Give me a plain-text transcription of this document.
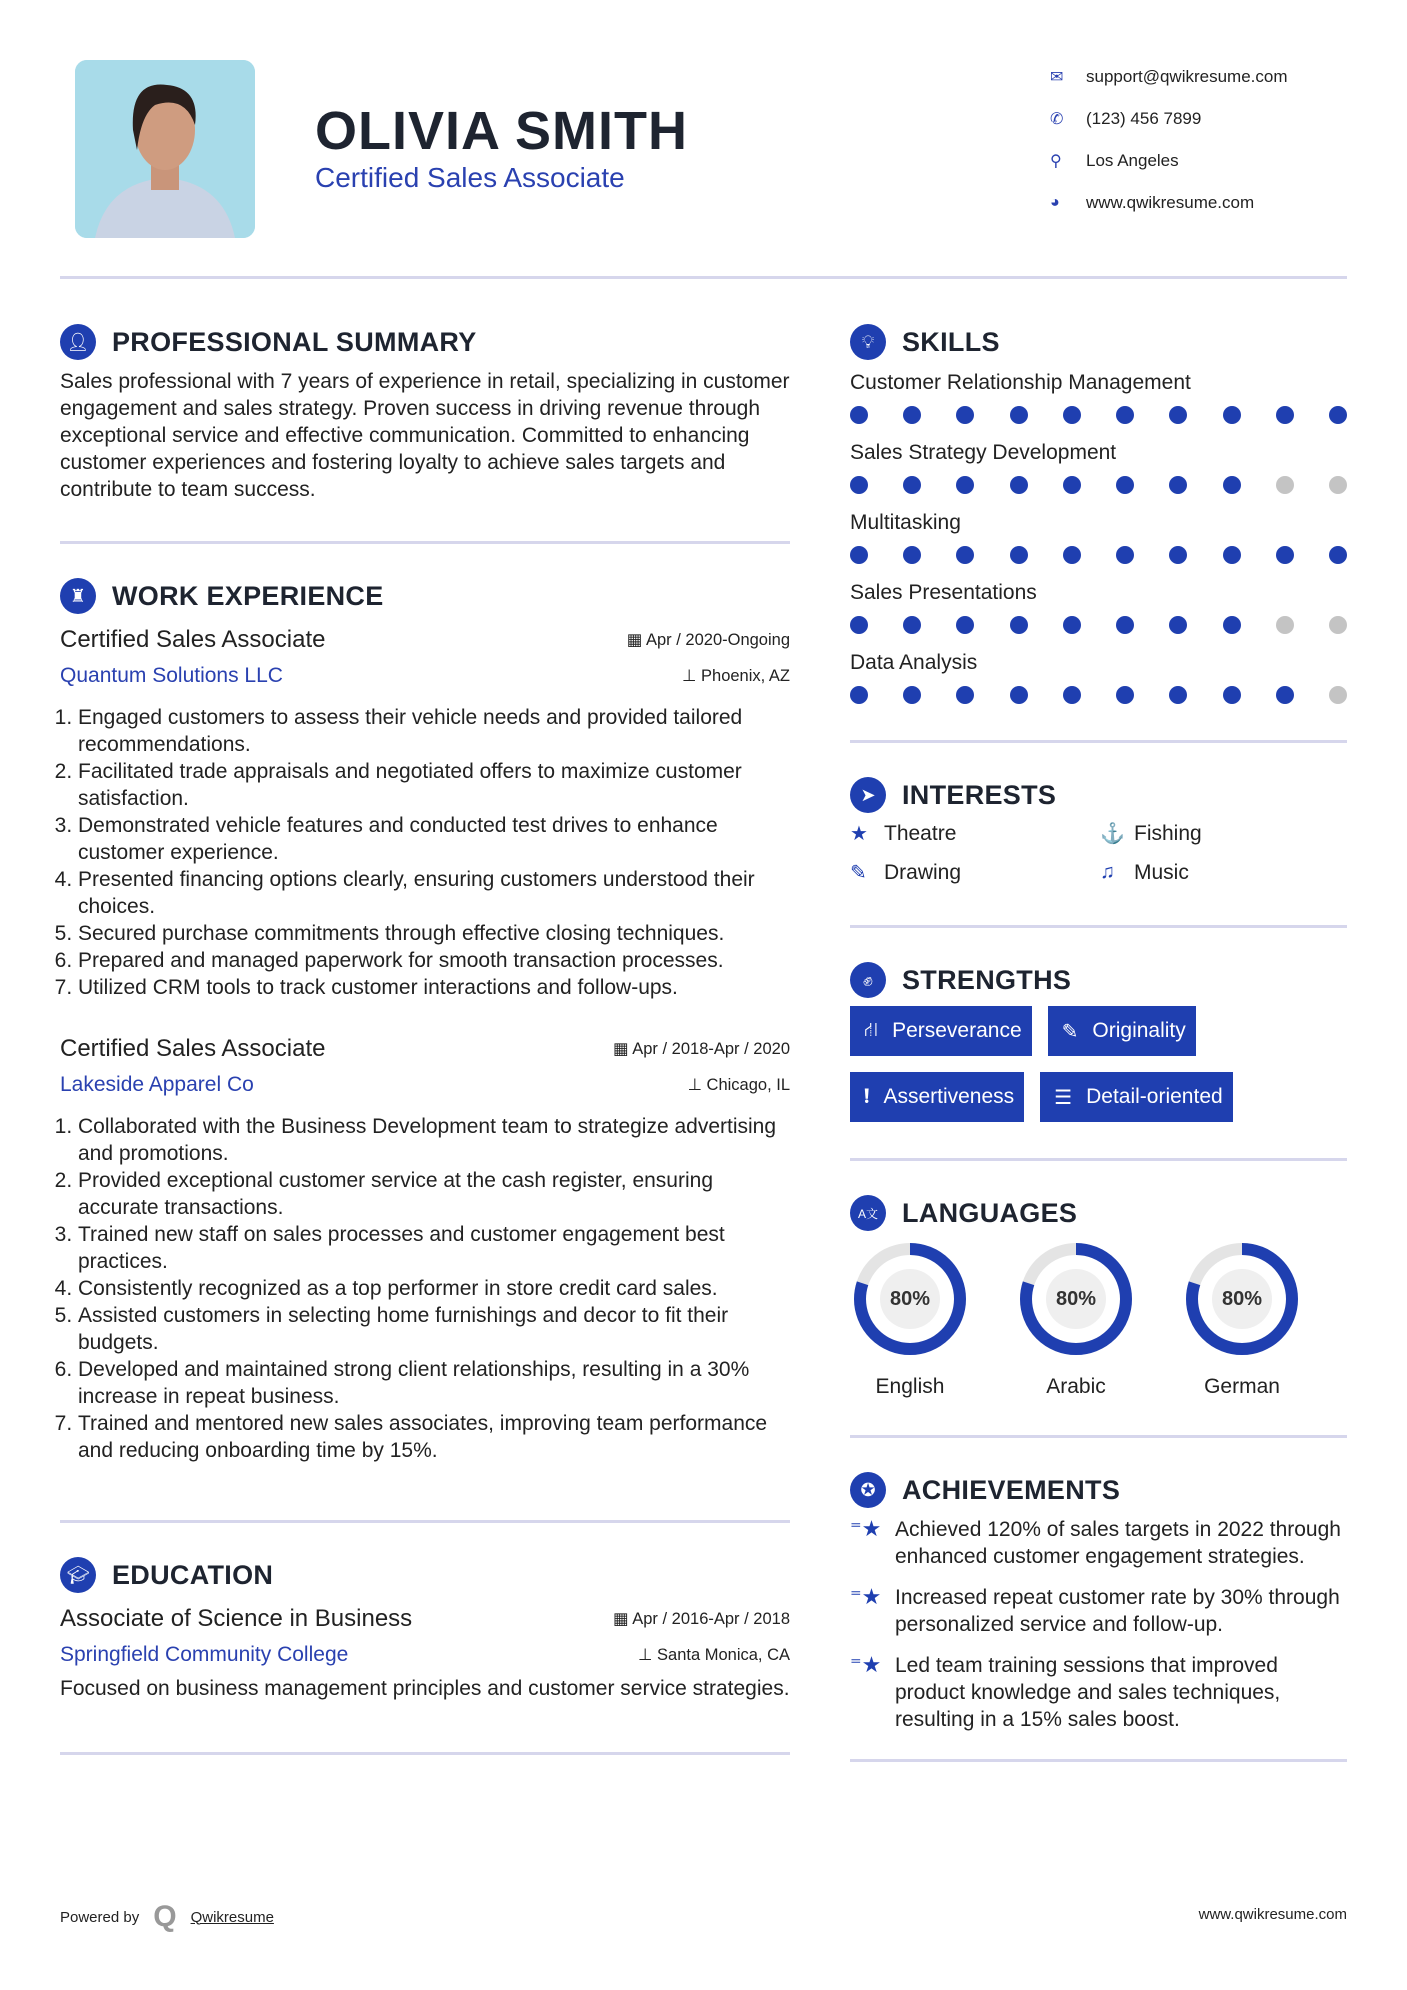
OLIVIA SMITH
Certified Sales Associate
✉	support@qwikresume.com
✆	(123) 456 7899
⚲	Los Angeles
◕	www.qwikresume.com
👤︎ PROFESSIONAL SUMMARY

Sales professional with 7 years of experience in retail, specializing in customer engagement and sales strategy. Proven success in driving revenue through exceptional service and effective communication. Committed to enhancing customer experiences and fostering loyalty to achieve sales targets and contribute to team success.

♜ WORK EXPERIENCE
Certified Sales Associate	▦ Apr / 2020-Ongoing
Quantum Solutions LLC	⊥ Phoenix, AZ
1. Engaged customers to assess their vehicle needs and provided tailored recommendations.
2. Facilitated trade appraisals and negotiated offers to maximize customer satisfaction.
3. Demonstrated vehicle features and conducted test drives to enhance customer experience.
4. Presented financing options clearly, ensuring customers understood their choices.
5. Secured purchase commitments through effective closing techniques.
6. Prepared and managed paperwork for smooth transaction processes.
7. Utilized CRM tools to track customer interactions and follow-ups.
Certified Sales Associate	▦ Apr / 2018-Apr / 2020
Lakeside Apparel Co	⊥ Chicago, IL
1. Collaborated with the Business Development team to strategize advertising and promotions.
2. Provided exceptional customer service at the cash register, ensuring accurate transactions.
3. Trained new staff on sales processes and customer engagement best practices.
4. Consistently recognized as a top performer in store credit card sales.
5. Assisted customers in selecting home furnishings and decor to fit their budgets.
6. Developed and maintained strong client relationships, resulting in a 30% increase in repeat business.
7. Trained and mentored new sales associates, improving team performance and reducing onboarding time by 15%.
🎓︎ EDUCATION
Associate of Science in Business	▦ Apr / 2016-Apr / 2018
Springfield Community College	⊥ Santa Monica, CA

Focused on business management principles and customer service strategies.

💡︎	SKILLS
Customer Relationship Management
Sales Strategy Development
Multitasking
Sales Presentations
Data Analysis
➤ INTERESTS
★ Theatre	⚓ Fishing
✎ Drawing	♫ Music
✊︎	STRENGTHS
⛙ Perseverance ✎ Originality
❗︎ Assertiveness ☰ Detail-oriented
A文 LANGUAGES
80%
English
80%
Arabic
80%
German
✪ ACHIEVEMENTS
⁼★ Achieved 120% of sales targets in 2022 through enhanced customer engagement strategies.
⁼★ Increased repeat customer rate by 30% through personalized service and follow-up.
⁼★ Led team training sessions that improved product knowledge and sales techniques, resulting in a 15% sales boost.
Powered by Q Qwikresume	www.qwikresume.com
